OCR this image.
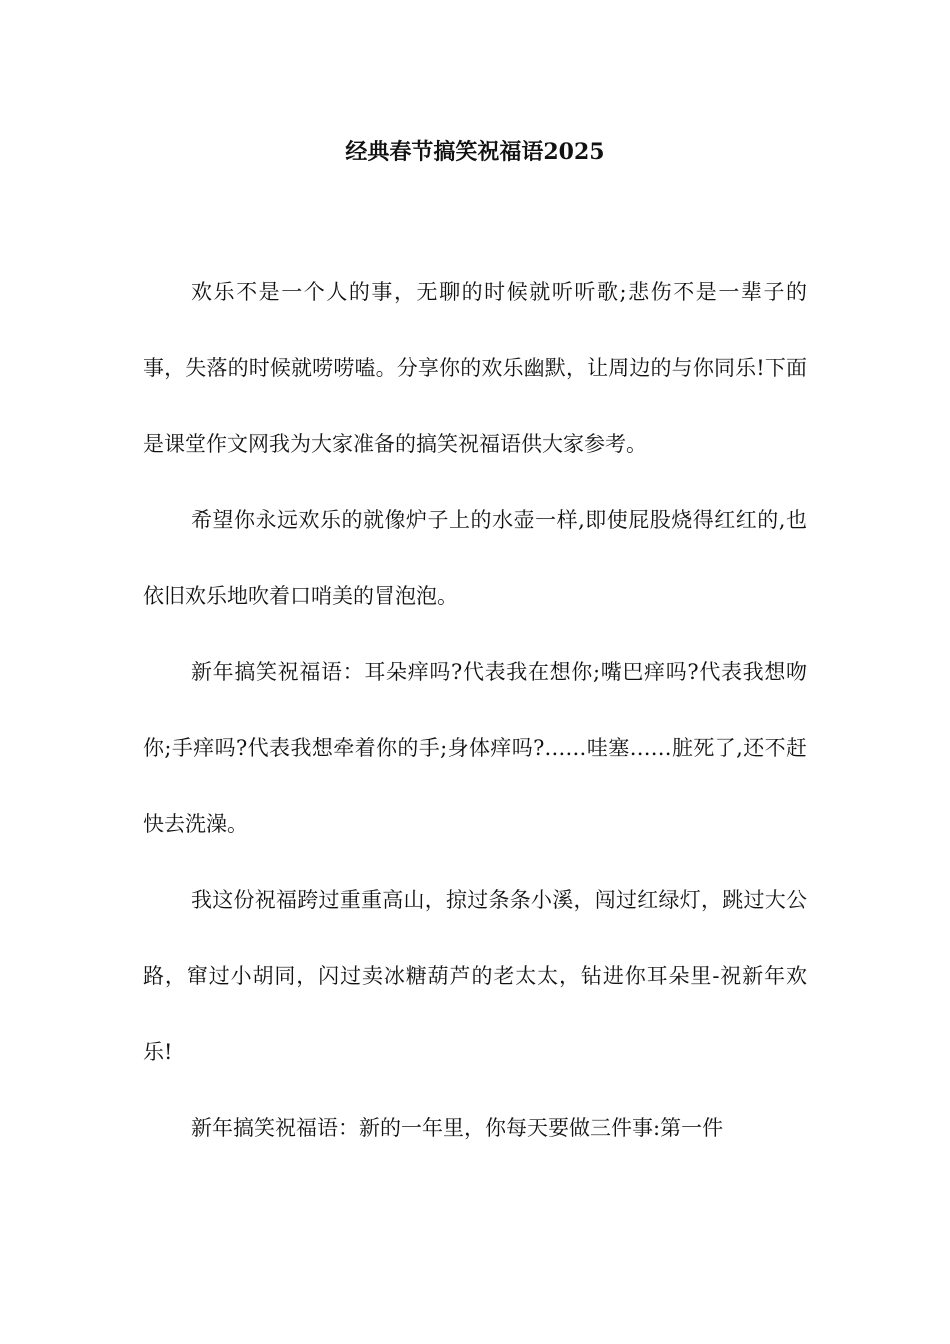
经典春节搞笑祝福语2025

欢乐不是一个人的事，无聊的时候就听听歌;悲伤不是一辈子的事，失落的时候就唠唠嗑。分享你的欢乐幽默，让周边的与你同乐!下面是课堂作文网我为大家准备的搞笑祝福语供大家参考。

希望你永远欢乐的就像炉子上的水壶一样,即使屁股烧得红红的,也依旧欢乐地吹着口哨美的冒泡泡。

新年搞笑祝福语：耳朵痒吗?代表我在想你;嘴巴痒吗?代表我想吻你;手痒吗?代表我想牵着你的手;身体痒吗?……哇塞……脏死了,还不赶快去洗澡。

我这份祝福跨过重重高山，掠过条条小溪，闯过红绿灯，跳过大公路，窜过小胡同，闪过卖冰糖葫芦的老太太，钻进你耳朵里-祝新年欢乐!

新年搞笑祝福语：新的一年里，你每天要做三件事:第一件
